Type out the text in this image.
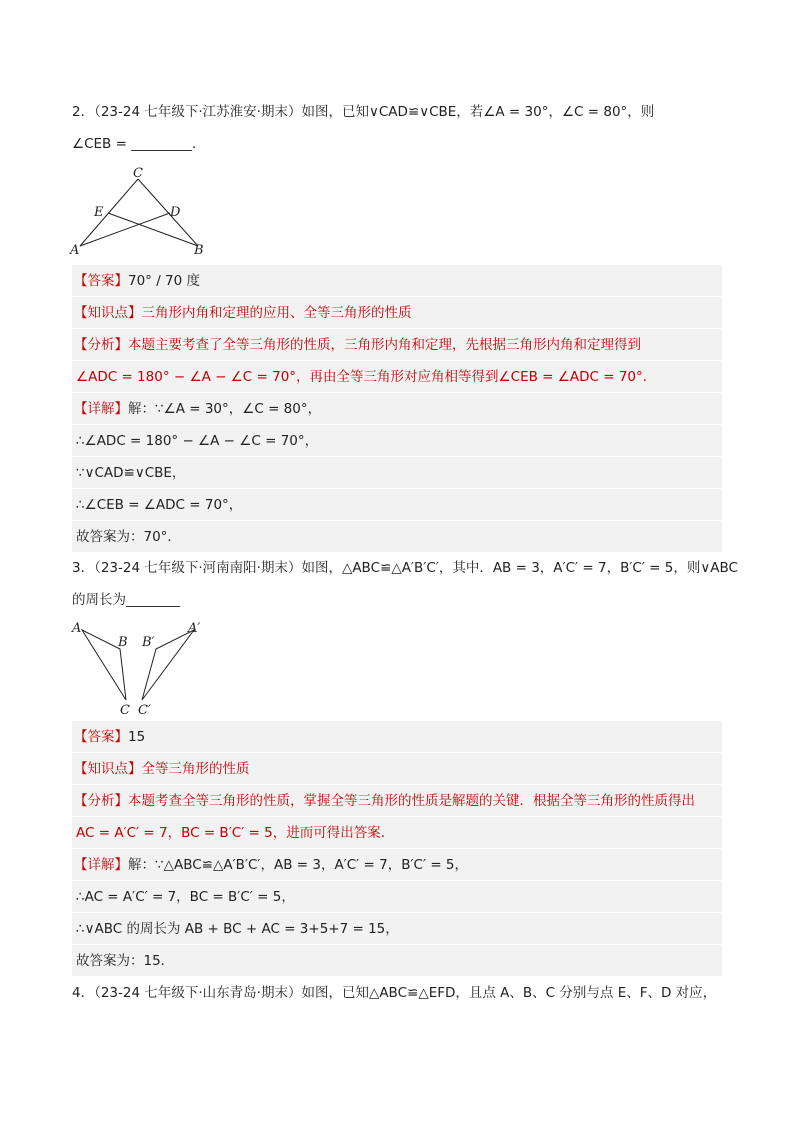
2．（23-24 七年级下·江苏淮安·期末）如图，已知∨CAD≌∨CBE，若∠A = 30°，∠C = 80°，则
∠CEB = _________．
C
E	D
A	B
【答案】70° / 70 度
【知识点】三角形内角和定理的应用、全等三角形的性质
【分析】本题主要考查了全等三角形的性质，三角形内角和定理，先根据三角形内角和定理得到
∠ADC = 180° − ∠A − ∠C = 70°，再由全等三角形对应角相等得到∠CEB = ∠ADC = 70°．
【详解】解：∵∠A = 30°，∠C = 80°，
∴∠ADC = 180° − ∠A − ∠C = 70°，
∵∨CAD≌∨CBE，
∴∠CEB = ∠ADC = 70°，
故答案为：70°．
3．（23-24 七年级下·河南南阳·期末）如图，△ABC≌△A′B′C′，其中．AB = 3，A′C′ = 7，B′C′ = 5，则∨ABC
的周长为________
A
B B′
A′
C C′
【答案】15
【知识点】全等三角形的性质
【分析】本题考查全等三角形的性质，掌握全等三角形的性质是解题的关键．根据全等三角形的性质得出
AC = A′C′ = 7，BC = B′C′ = 5，进而可得出答案．
【详解】解：∵△ABC≌△A′B′C′，AB = 3，A′C′ = 7，B′C′ = 5，
∴AC = A′C′ = 7，BC = B′C′ = 5，
∴∨ABC 的周长为 AB + BC + AC = 3+5+7 = 15，
故答案为：15．
4．（23-24 七年级下·山东青岛·期末）如图，已知△ABC≌△EFD，且点 A、B、C 分别与点 E、F、D 对应，
